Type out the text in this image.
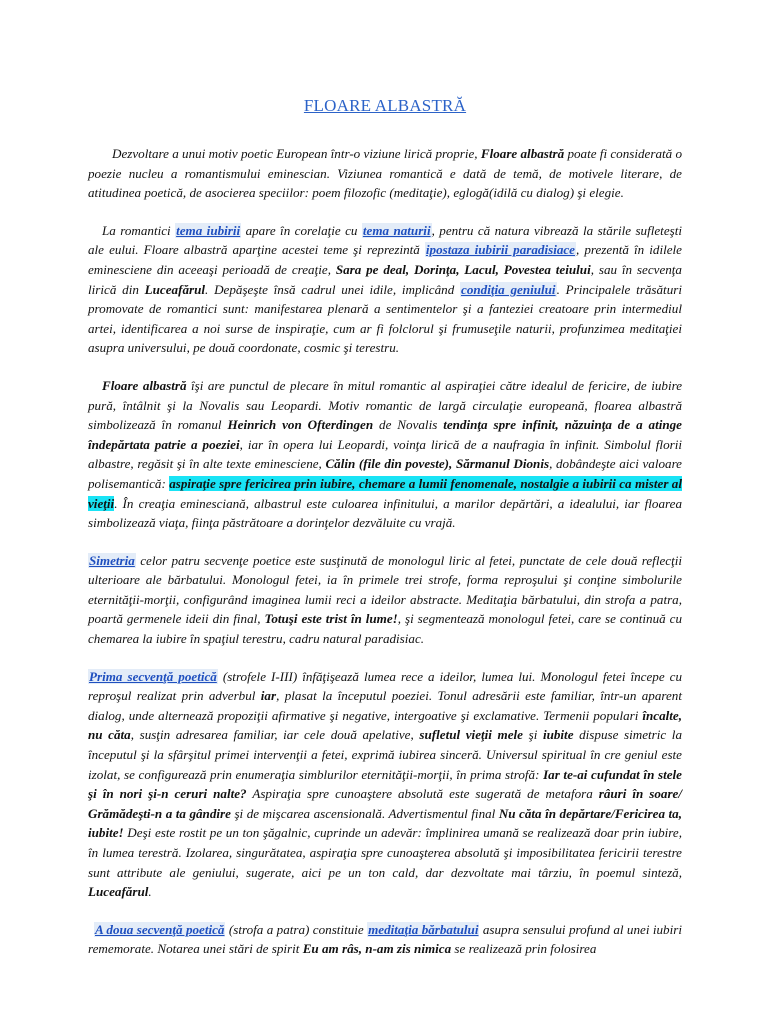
FLOARE ALBASTRĂ

Dezvoltare a unui motiv poetic European într-o viziune lirică proprie, Floare albastră poate fi considerată o poezie nucleu a romantismului eminescian. Viziunea romantică e dată de temă, de motivele literare, de atitudinea poetică, de asocierea speciilor: poem filozofic (meditaţie), eglogă(idilă cu dialog) şi elegie.

La romantici tema iubirii apare în corelaţie cu tema naturii, pentru că natura vibrează la stările sufleteşti ale eului. Floare albastră aparţine acestei teme şi reprezintă ipostaza iubirii paradisiace, prezentă în idilele eminesciene din aceeaşi perioadă de creaţie, Sara pe deal, Dorinţa, Lacul, Povestea teiului, sau în secvenţa lirică din Luceafărul. Depăşeşte însă cadrul unei idile, implicând condiţia geniului. Principalele trăsături promovate de romantici sunt: manifestarea plenară a sentimentelor şi a fanteziei creatoare prin intermediul artei, identificarea a noi surse de inspiraţie, cum ar fi folclorul şi frumuseţile naturii, profunzimea meditaţiei asupra universului, pe două coordonate, cosmic şi terestru.

Floare albastră îşi are punctul de plecare în mitul romantic al aspiraţiei către idealul de fericire, de iubire pură, întâlnit şi la Novalis sau Leopardi. Motiv romantic de largă circulaţie europeană, floarea albastră simbolizează în romanul Heinrich von Ofterdingen de Novalis tendinţa spre infinit, năzuinţa de a atinge îndepărtata patrie a poeziei, iar în opera lui Leopardi, voinţa lirică de a naufragia în infinit. Simbolul florii albastre, regăsit şi în alte texte eminesciene, Călin (file din poveste), Sărmanul Dionis, dobândeşte aici valoare polisemantică: aspiraţie spre fericirea prin iubire, chemare a lumii fenomenale, nostalgie a iubirii ca mister al vieţii. În creaţia eminesciană, albastrul este culoarea infinitului, a marilor depărtări, a idealului, iar floarea simbolizează viaţa, fiinţa păstrătoare a dorinţelor dezvăluite cu vrajă.

Simetria celor patru secvenţe poetice este susţinută de monologul liric al fetei, punctate de cele două reflecţii ulterioare ale bărbatului. Monologul fetei, ia în primele trei strofe, forma reproşului şi conţine simbolurile eternităţii-morţii, configurând imaginea lumii reci a ideilor abstracte. Meditaţia bărbatului, din strofa a patra, poartă germenele ideii din final, Totuşi este trist în lume!, şi segmentează monologul fetei, care se continuă cu chemarea la iubire în spaţiul terestru, cadru natural paradisiac.

Prima secvenţă poetică (strofele I-III) înfăţişează lumea rece a ideilor, lumea lui. Monologul fetei începe cu reproşul realizat prin adverbul iar, plasat la începutul poeziei. Tonul adresării este familiar, într-un aparent dialog, unde alternează propoziţii afirmative şi negative, intergoative şi exclamative. Termenii populari încalte, nu căta, susţin adresarea familiar, iar cele două apelative, sufletul vieţii mele şi iubite dispuse simetric la începutul şi la sfârşitul primei intervenţii a fetei, exprimă iubirea sinceră. Universul spiritual în cre geniul este izolat, se configurează prin enumeraţia simblurilor eternităţii-morţii, în prima strofă: Iar te-ai cufundat în stele şi în nori şi-n ceruri nalte? Aspiraţia spre cunoaştere absolută este sugerată de metafora râuri în soare/ Grămădeşti-n a ta gândire şi de mişcarea ascensională. Advertismentul final Nu căta în depărtare/Fericirea ta, iubite! Deşi este rostit pe un ton şăgalnic, cuprinde un adevăr: împlinirea umană se realizează doar prin iubire, în lumea terestră. Izolarea, singurătatea, aspiraţia spre cunoaşterea absolută şi imposibilitatea fericirii terestre sunt attribute ale geniului, sugerate, aici pe un ton cald, dar dezvoltate mai târziu, în poemul sinteză, Luceafărul.

A doua secvenţă poetică (strofa a patra) constituie meditaţia bărbatului asupra sensului profund al unei iubiri rememorate. Notarea unei stări de spirit Eu am râs, n-am zis nimica se realizează prin folosirea
